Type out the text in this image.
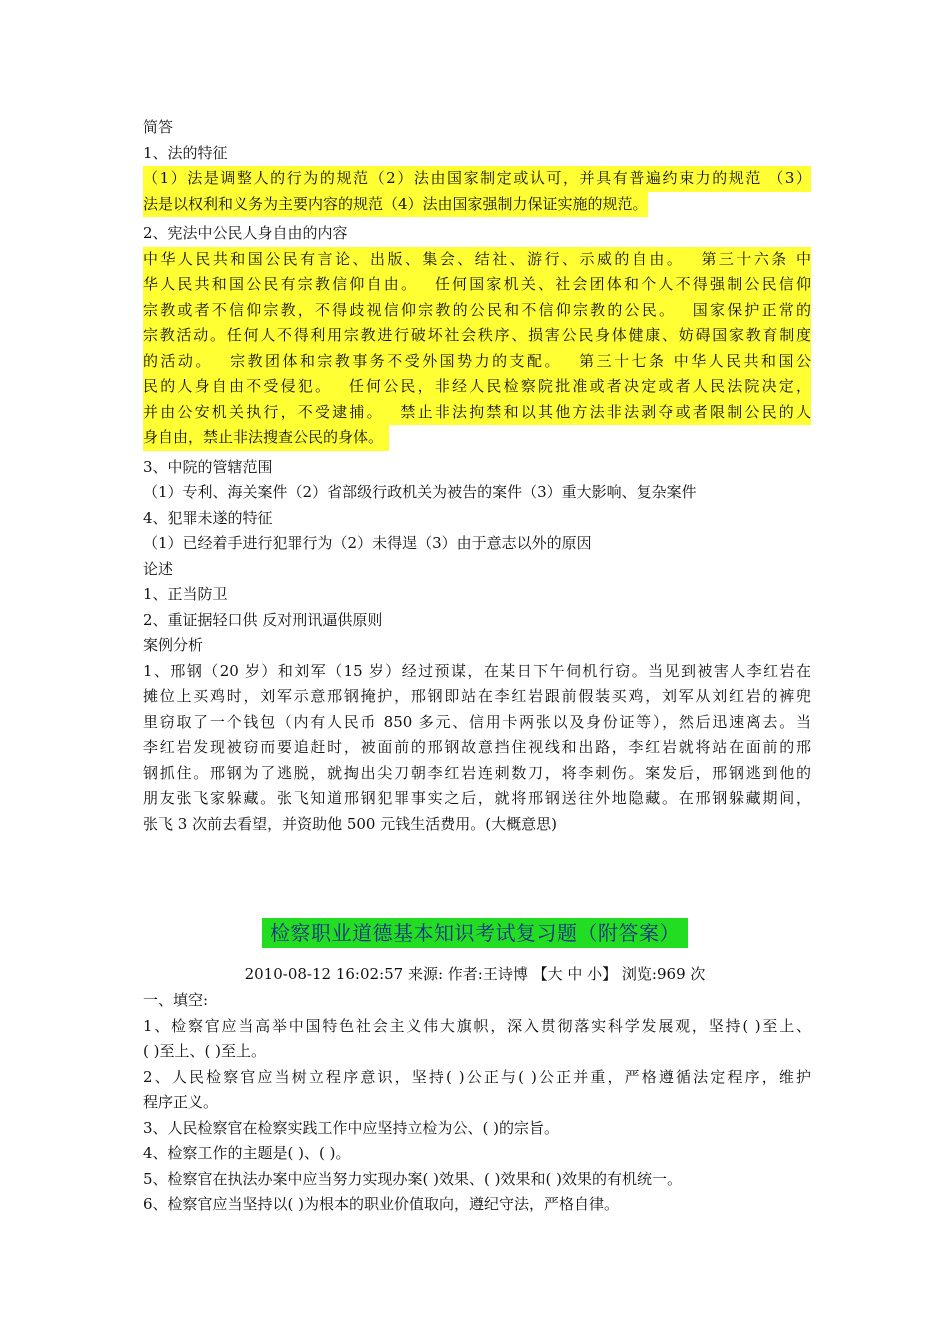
简答
1、法的特征
（1）法是调整人的行为的规范（2）法由国家制定或认可，并具有普遍约束力的规范 （3）
法是以权利和义务为主要内容的规范（4）法由国家强制力保证实施的规范。
2、宪法中公民人身自由的内容
中华人民共和国公民有言论、出版、集会、结社、游行、示威的自由。　 第三十六条 中
华人民共和国公民有宗教信仰自由。　 任何国家机关、社会团体和个人不得强制公民信仰
宗教或者不信仰宗教，不得歧视信仰宗教的公民和不信仰宗教的公民。　 国家保护正常的
宗教活动。任何人不得利用宗教进行破坏社会秩序、损害公民身体健康、妨碍国家教育制度
的活动。　 宗教团体和宗教事务不受外国势力的支配。　 第三十七条 中华人民共和国公
民的人身自由不受侵犯。　 任何公民，非经人民检察院批准或者决定或者人民法院决定，
并由公安机关执行，不受逮捕。　 禁止非法拘禁和以其他方法非法剥夺或者限制公民的人
身自由，禁止非法搜查公民的身体。
3、中院的管辖范围
（1）专利、海关案件（2）省部级行政机关为被告的案件（3）重大影响、复杂案件
4、犯罪未遂的特征
（1）已经着手进行犯罪行为（2）未得逞（3）由于意志以外的原因
论述
1、正当防卫
2、重证据轻口供 反对刑讯逼供原则
案例分析
1、邢钢（20 岁）和刘军（15 岁）经过预谋，在某日下午伺机行窃。当见到被害人李红岩在
摊位上买鸡时，刘军示意邢钢掩护，邢钢即站在李红岩跟前假装买鸡，刘军从刘红岩的裤兜
里窃取了一个钱包（内有人民币 850 多元、信用卡两张以及身份证等），然后迅速离去。当
李红岩发现被窃而要追赶时，被面前的邢钢故意挡住视线和出路，李红岩就将站在面前的邢
钢抓住。邢钢为了逃脱，就掏出尖刀朝李红岩连刺数刀，将李刺伤。案发后，邢钢逃到他的
朋友张飞家躲藏。张飞知道邢钢犯罪事实之后，就将邢钢送往外地隐藏。在邢钢躲藏期间，
张飞 3 次前去看望，并资助他 500 元钱生活费用。(大概意思)
检察职业道德基本知识考试复习题（附答案）
2010-08-12 16:02:57 来源: 作者:王诗博 【大 中 小】 浏览:969 次
一、填空:
1、检察官应当高举中国特色社会主义伟大旗帜，深入贯彻落实科学发展观，坚持( )至上、
( )至上、( )至上。
2、人民检察官应当树立程序意识，坚持( )公正与( )公正并重，严格遵循法定程序，维护
程序正义。
3、人民检察官在检察实践工作中应坚持立检为公、( )的宗旨。
4、检察工作的主题是( )、( )。
5、检察官在执法办案中应当努力实现办案( )效果、( )效果和( )效果的有机统一。
6、检察官应当坚持以( )为根本的职业价值取向，遵纪守法，严格自律。
